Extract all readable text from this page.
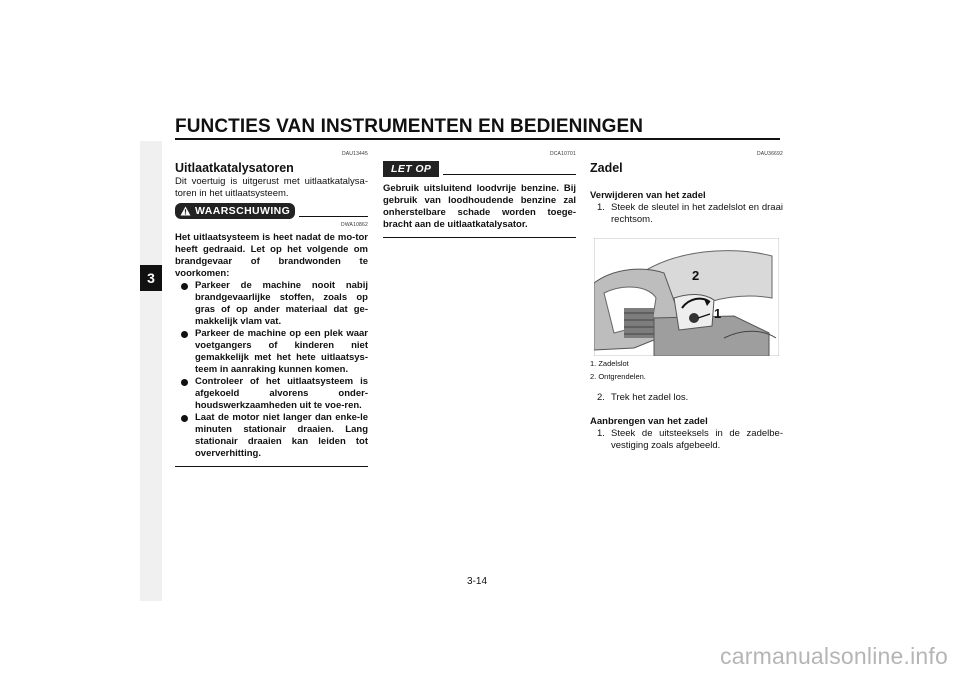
FUNCTIES VAN INSTRUMENTEN EN BEDIENINGEN
3
DAU13445
Uitlaatkatalysatoren
Dit voertuig is uitgerust met uitlaatkatalysa-toren in het uitlaatsysteem.
WAARSCHUWING
DWA10862
Het uitlaatsysteem is heet nadat de mo-tor heeft gedraaid. Let op het volgende om brandgevaar of brandwonden te voorkomen:
Parkeer de machine nooit nabij brandgevaarlijke stoffen, zoals op gras of op ander materiaal dat ge-makkelijk vlam vat.
Parkeer de machine op een plek waar voetgangers of kinderen niet gemakkelijk met het hete uitlaatsys-teem in aanraking kunnen komen.
Controleer of het uitlaatsysteem is afgekoeld alvorens onder-houdswerkzaamheden uit te voe-ren.
Laat de motor niet langer dan enke-le minuten stationair draaien. Lang stationair draaien kan leiden tot oververhitting.
DCA10701
LET OP
Gebruik uitsluitend loodvrije benzine. Bij gebruik van loodhoudende benzine zal onherstelbare schade worden toege-bracht aan de uitlaatkatalysator.
DAU36692
Zadel
Verwijderen van het zadel
1. Steek de sleutel in het zadelslot en draai rechtsom.
2
1
1. Zadelslot
2. Ontgrendelen.
2. Trek het zadel los.
Aanbrengen van het zadel
1. Steek de uitsteeksels in de zadelbe-vestiging zoals afgebeeld.
3-14
carmanualsonline.info
